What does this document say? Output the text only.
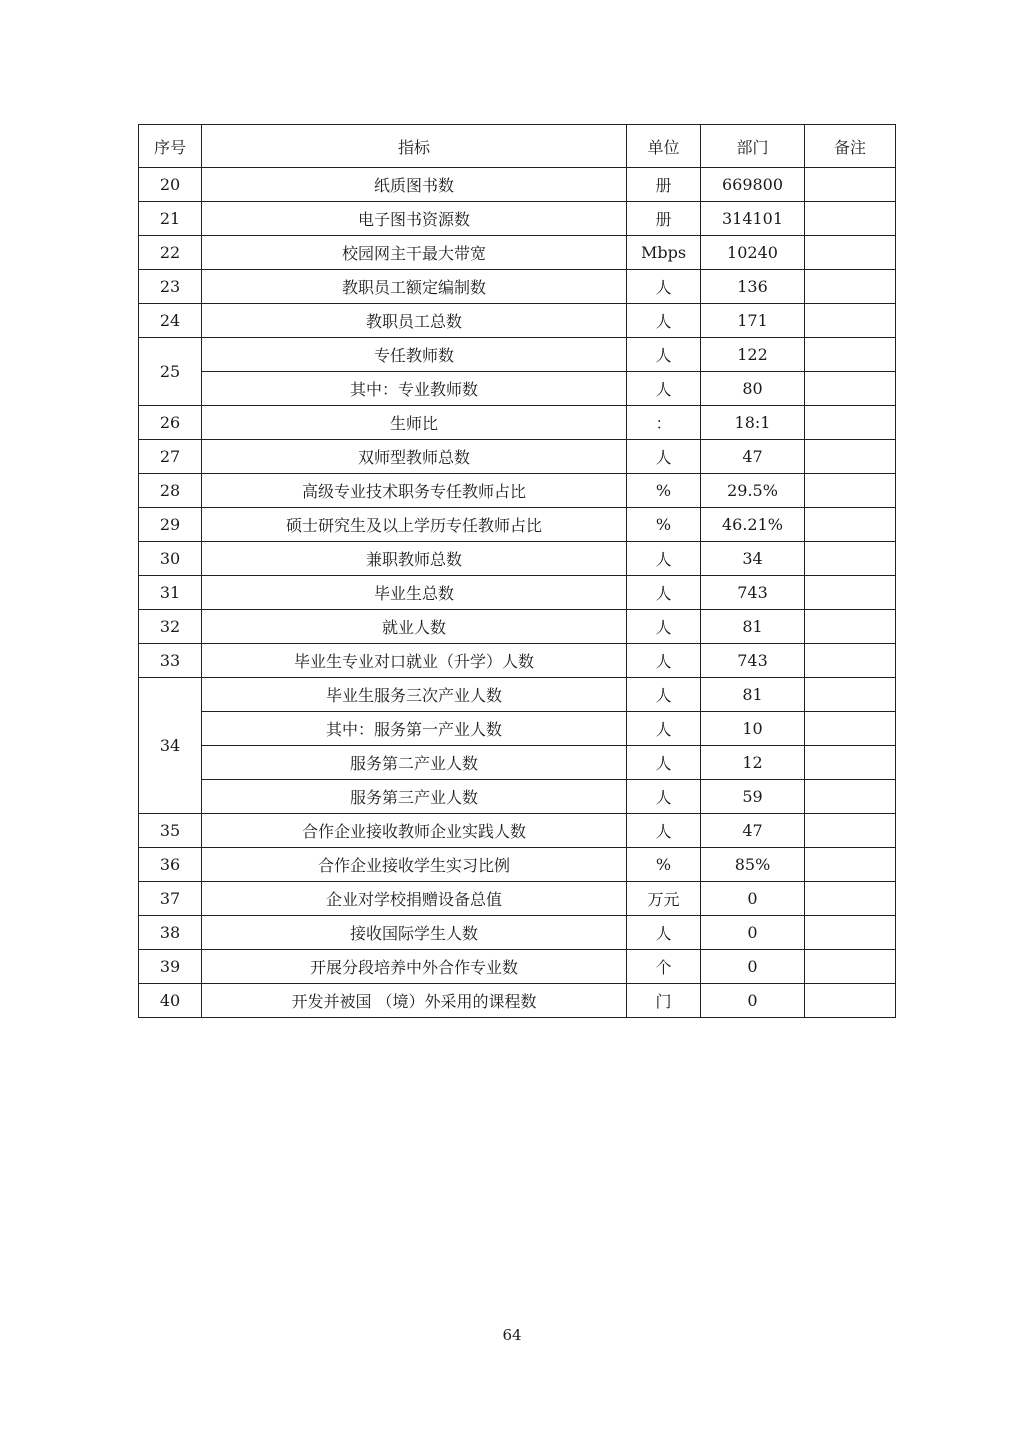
序号	指标	单位	部门	备注
20	纸质图书数	册	669800	
21	电子图书资源数	册	314101	
22	校园网主干最大带宽	Mbps	10240	
23	教职员工额定编制数	人	136	
24	教职员工总数	人	171	
25	专任教师数	人	122	
	其中：专业教师数	人	80	
26	生师比	：	18:1	
27	双师型教师总数	人	47	
28	高级专业技术职务专任教师占比	%	29.5%	
29	硕士研究生及以上学历专任教师占比	%	46.21%	
30	兼职教师总数	人	34	
31	毕业生总数	人	743	
32	就业人数	人	81	
33	毕业生专业对口就业（升学）人数	人	743	
34	毕业生服务三次产业人数	人	81	
	其中：服务第一产业人数	人	10	
	服务第二产业人数	人	12	
	服务第三产业人数	人	59	
35	合作企业接收教师企业实践人数	人	47	
36	合作企业接收学生实习比例	%	85%	
37	企业对学校捐赠设备总值	万元	0	
38	接收国际学生人数	人	0	
39	开展分段培养中外合作专业数	个	0	
40	开发并被国 （境）外采用的课程数	门	0	
64
